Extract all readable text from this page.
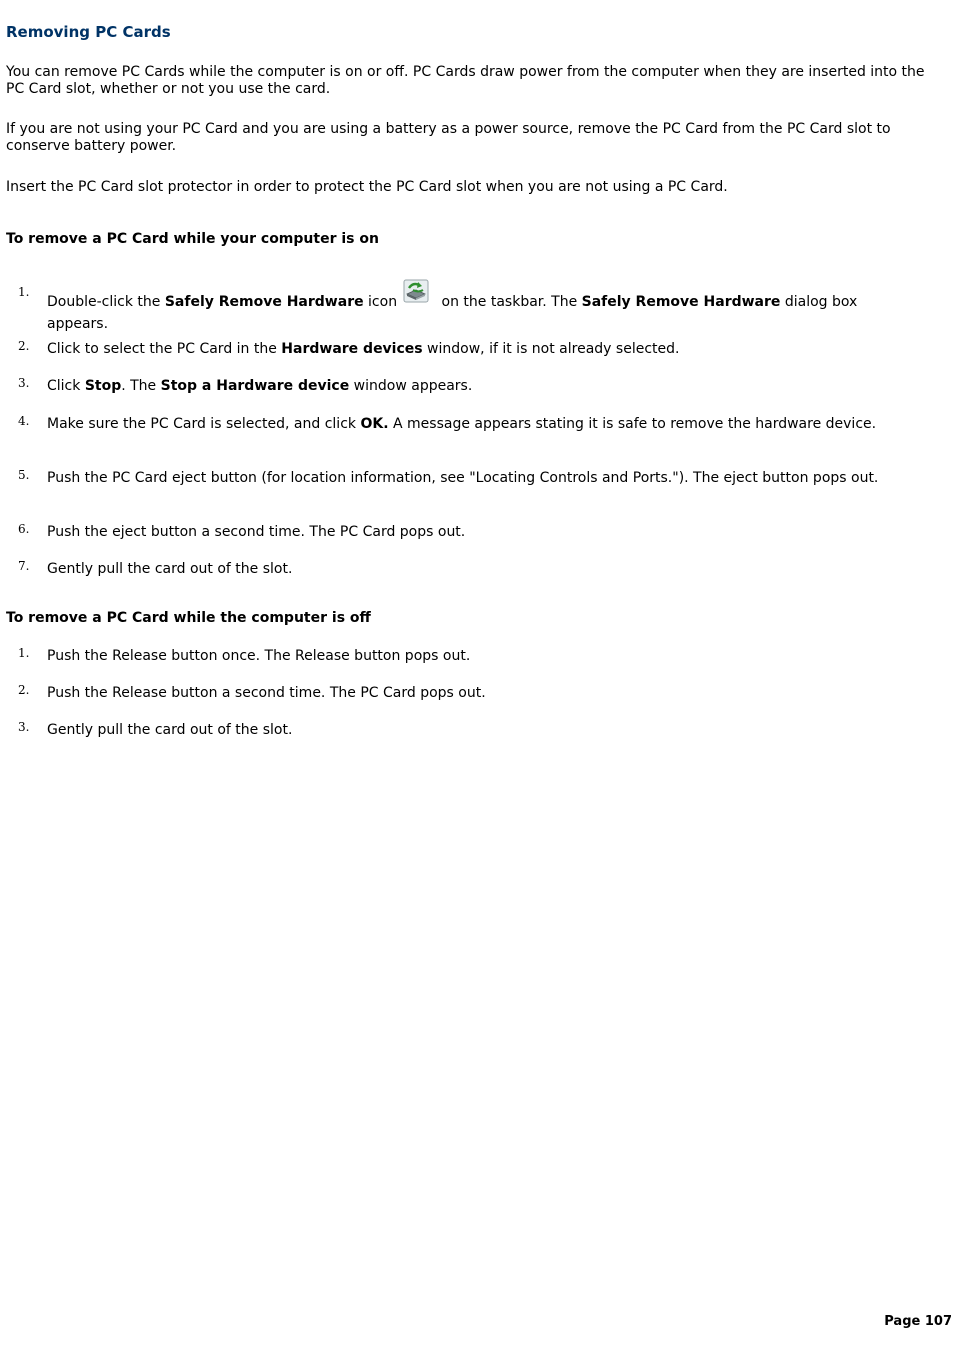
Removing PC Cards
You can remove PC Cards while the computer is on or off. PC Cards draw power from the computer when they are inserted into the PC Card slot, whether or not you use the card.
If you are not using your PC Card and you are using a battery as a power source, remove the PC Card from the PC Card slot to conserve battery power.
Insert the PC Card slot protector in order to protect the PC Card slot when you are not using a PC Card.
To remove a PC Card while your computer is on
1.
Double-click the Safely Remove Hardware icon	on the taskbar. The Safely Remove Hardware dialog box appears.
2. Click to select the PC Card in the Hardware devices window, if it is not already selected.
3. Click Stop. The Stop a Hardware device window appears.
4. Make sure the PC Card is selected, and click OK. A message appears stating it is safe to remove the hardware device.
5. Push the PC Card eject button (for location information, see "Locating Controls and Ports."). The eject button pops out.
6. Push the eject button a second time. The PC Card pops out.
7. Gently pull the card out of the slot.
To remove a PC Card while the computer is off
1. Push the Release button once. The Release button pops out.
2. Push the Release button a second time. The PC Card pops out.
3. Gently pull the card out of the slot.
Page 107
